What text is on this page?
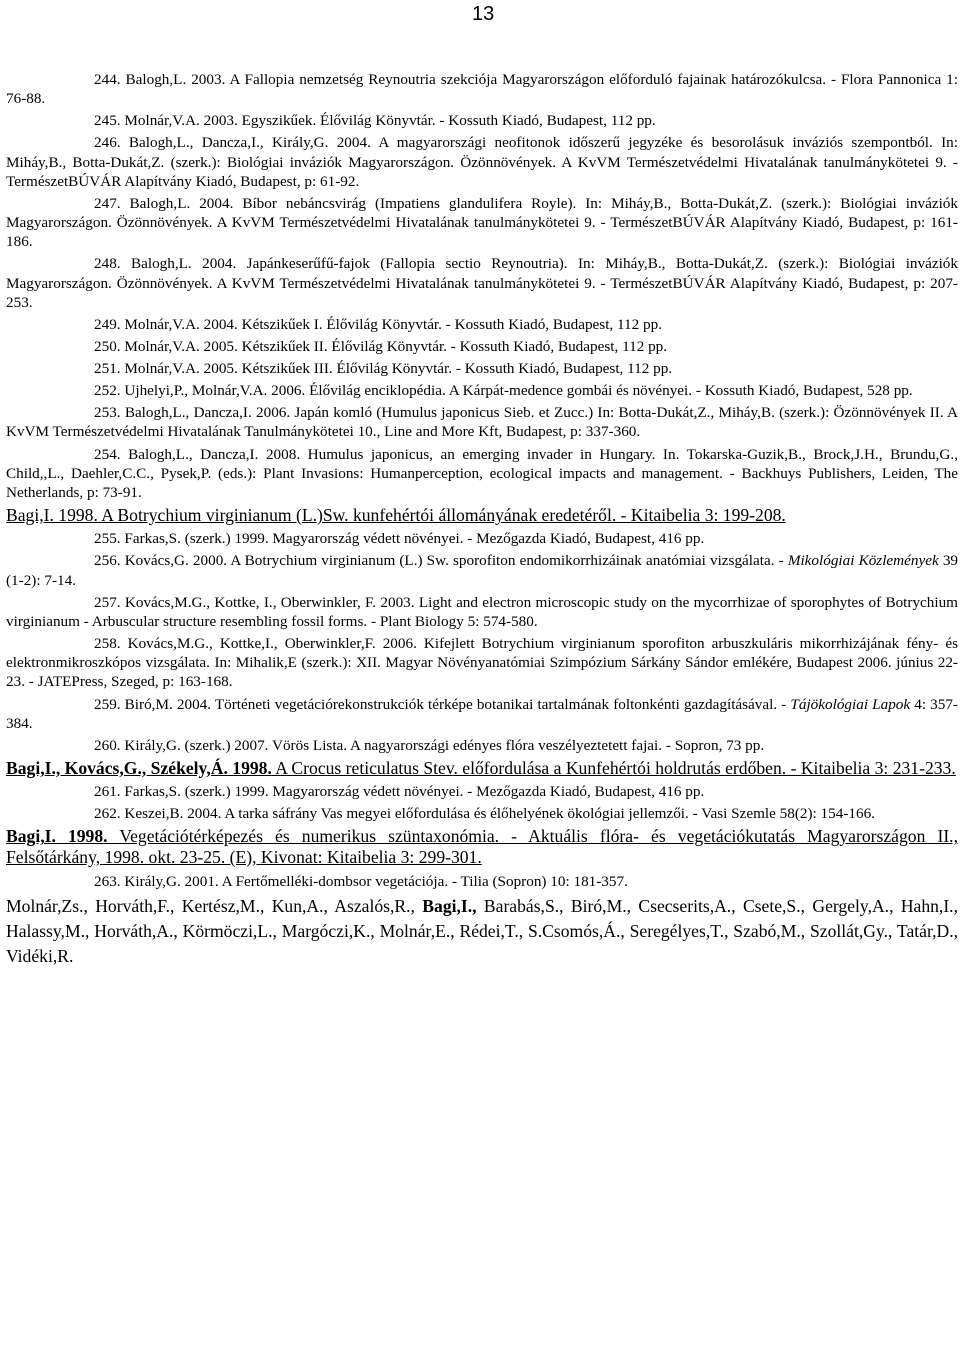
13

244. Balogh,L. 2003. A Fallopia nemzetség Reynoutria szekciója Magyarországon előforduló fajainak határozókulcsa. - Flora Pannonica 1: 76-88.

245. Molnár,V.A. 2003. Egyszikűek. Élővilág Könyvtár. - Kossuth Kiadó, Budapest, 112 pp.

246. Balogh,L., Dancza,I., Király,G. 2004. A magyarországi neofitonok időszerű jegyzéke és besorolásuk inváziós szempontból. In: Miháy,B., Botta-Dukát,Z. (szerk.): Biológiai inváziók Magyarországon. Özönnövények. A KvVM Természetvédelmi Hivatalának tanulmánykötetei 9. - TermészetBÚVÁR Alapítvány Kiadó, Budapest, p: 61-92.

247. Balogh,L. 2004. Bíbor nebáncsvirág (Impatiens glandulifera Royle). In: Miháy,B., Botta-Dukát,Z. (szerk.): Biológiai inváziók Magyarországon. Özönnövények. A KvVM Természetvédelmi Hivatalának tanulmánykötetei 9. - TermészetBÚVÁR Alapítvány Kiadó, Budapest, p: 161-186.

248. Balogh,L. 2004. Japánkeserűfű-fajok (Fallopia sectio Reynoutria). In: Miháy,B., Botta-Dukát,Z. (szerk.): Biológiai inváziók Magyarországon. Özönnövények. A KvVM Természetvédelmi Hivatalának tanulmánykötetei 9. - TermészetBÚVÁR Alapítvány Kiadó, Budapest, p: 207-253.

249. Molnár,V.A. 2004. Kétszikűek I. Élővilág Könyvtár. - Kossuth Kiadó, Budapest, 112 pp.

250. Molnár,V.A. 2005. Kétszikűek II. Élővilág Könyvtár. - Kossuth Kiadó, Budapest, 112 pp.

251. Molnár,V.A. 2005. Kétszikűek III. Élővilág Könyvtár. - Kossuth Kiadó, Budapest, 112 pp.

252. Ujhelyi,P., Molnár,V.A. 2006. Élővilág enciklopédia. A Kárpát-medence gombái és növényei. - Kossuth Kiadó, Budapest, 528 pp.

253. Balogh,L., Dancza,I. 2006. Japán komló (Humulus japonicus Sieb. et Zucc.) In: Botta-Dukát,Z., Miháy,B. (szerk.): Özönnövények II. A KvVM Természetvédelmi Hivatalának Tanulmánykötetei 10., Line and More Kft, Budapest, p: 337-360.

254. Balogh,L., Dancza,I. 2008. Humulus japonicus, an emerging invader in Hungary. In. Tokarska-Guzik,B., Brock,J.H., Brundu,G., Child,,L., Daehler,C.C., Pysek,P. (eds.): Plant Invasions: Humanperception, ecological impacts and management. - Backhuys Publishers, Leiden, The Netherlands, p: 73-91.

Bagi,I. 1998. A Botrychium virginianum (L.)Sw. kunfehértói állományának eredetéről. - Kitaibelia 3: 199-208.

255. Farkas,S. (szerk.) 1999. Magyarország védett növényei. - Mezőgazda Kiadó, Budapest, 416 pp.

256. Kovács,G. 2000. A Botrychium virginianum (L.) Sw. sporofiton endomikorrhizáinak anatómiai vizsgálata. - Mikológiai Közlemények 39 (1-2): 7-14.

257. Kovács,M.G., Kottke, I., Oberwinkler, F. 2003. Light and electron microscopic study on the mycorrhizae of sporophytes of Botrychium virginianum - Arbuscular structure resembling fossil forms. - Plant Biology 5: 574-580.

258. Kovács,M.G., Kottke,I., Oberwinkler,F. 2006. Kifejlett Botrychium virginianum sporofiton arbuszkuláris mikorrhizájának fény- és elektronmikroszkópos vizsgálata. In: Mihalik,E (szerk.): XII. Magyar Növényanatómiai Szimpózium Sárkány Sándor emlékére, Budapest 2006. június 22-23. - JATEPress, Szeged, p: 163-168.

259. Biró,M. 2004. Történeti vegetációrekonstrukciók térképe botanikai tartalmának foltonkénti gazdagításával. - Tájökológiai Lapok 4: 357-384.

260. Király,G. (szerk.) 2007. Vörös Lista. A nagyarországi edényes flóra veszélyeztetett fajai. - Sopron, 73 pp.

Bagi,I., Kovács,G., Székely,Á. 1998. A Crocus reticulatus Stev. előfordulása a Kunfehértói holdrutás erdőben. - Kitaibelia 3: 231-233.

261. Farkas,S. (szerk.) 1999. Magyarország védett növényei. - Mezőgazda Kiadó, Budapest, 416 pp.

262. Keszei,B. 2004. A tarka sáfrány Vas megyei előfordulása és élőhelyének ökológiai jellemzői. - Vasi Szemle 58(2): 154-166.

Bagi,I. 1998. Vegetációtérképezés és numerikus szüntaxonómia. - Aktuális flóra- és vegetációkutatás Magyarországon II., Felsőtárkány, 1998. okt. 23-25. (E), Kivonat: Kitaibelia 3: 299-301.

263. Király,G. 2001. A Fertőmelléki-dombsor vegetációja. - Tilia (Sopron) 10: 181-357.

Molnár,Zs., Horváth,F., Kertész,M., Kun,A., Aszalós,R., Bagi,I., Barabás,S., Biró,M., Csecserits,A., Csete,S., Gergely,A., Hahn,I., Halassy,M., Horváth,A., Körmöczi,L., Margóczi,K., Molnár,E., Rédei,T., S.Csomós,Á., Seregélyes,T., Szabó,M., Szollát,Gy., Tatár,D., Vidéki,R.
